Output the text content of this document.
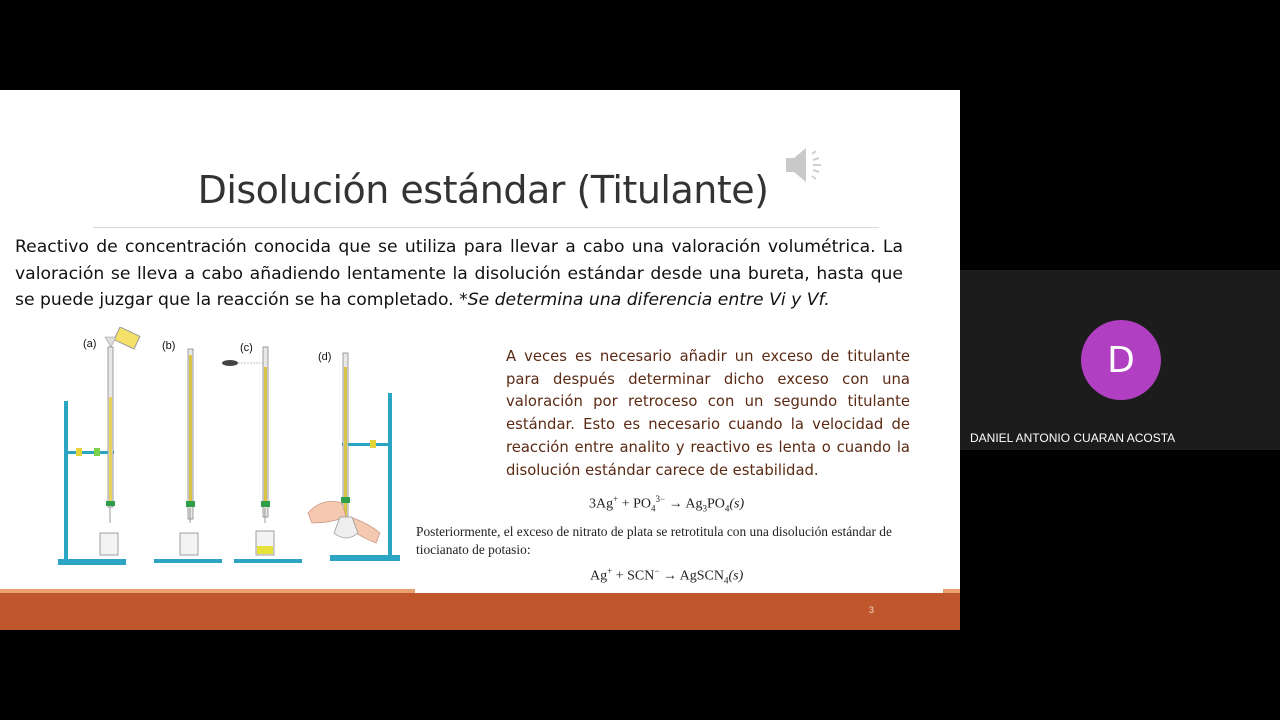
Disolución estándar (Titulante)
Reactivo de concentración conocida que se utiliza para llevar a cabo una valoración volumétrica. La valoración se lleva a cabo añadiendo lentamente la disolución estándar desde una bureta, hasta que se puede juzgar que la reacción se ha completado. *Se determina una diferencia entre Vi y Vf.
(a)	(b)	(c)
(d)	A veces es necesario añadir un exceso de titulante para después determinar dicho exceso con una valoración por retroceso con un segundo titulante estándar. Esto es necesario cuando la velocidad de reacción entre analito y reactivo es lenta o cuando la disolución estándar carece de estabilidad.
$3Ag^+ + PO_4^{3-} \to Ag_3PO_4(s)$
Posteriormente, el exceso de nitrato de plata se retrotitula con una disolución estándar de tiocianato de potasio:
Ag+ + SCN− → AgSCN$_4$(s)
3
D
DANIEL ANTONIO CUARAN ACOSTA
